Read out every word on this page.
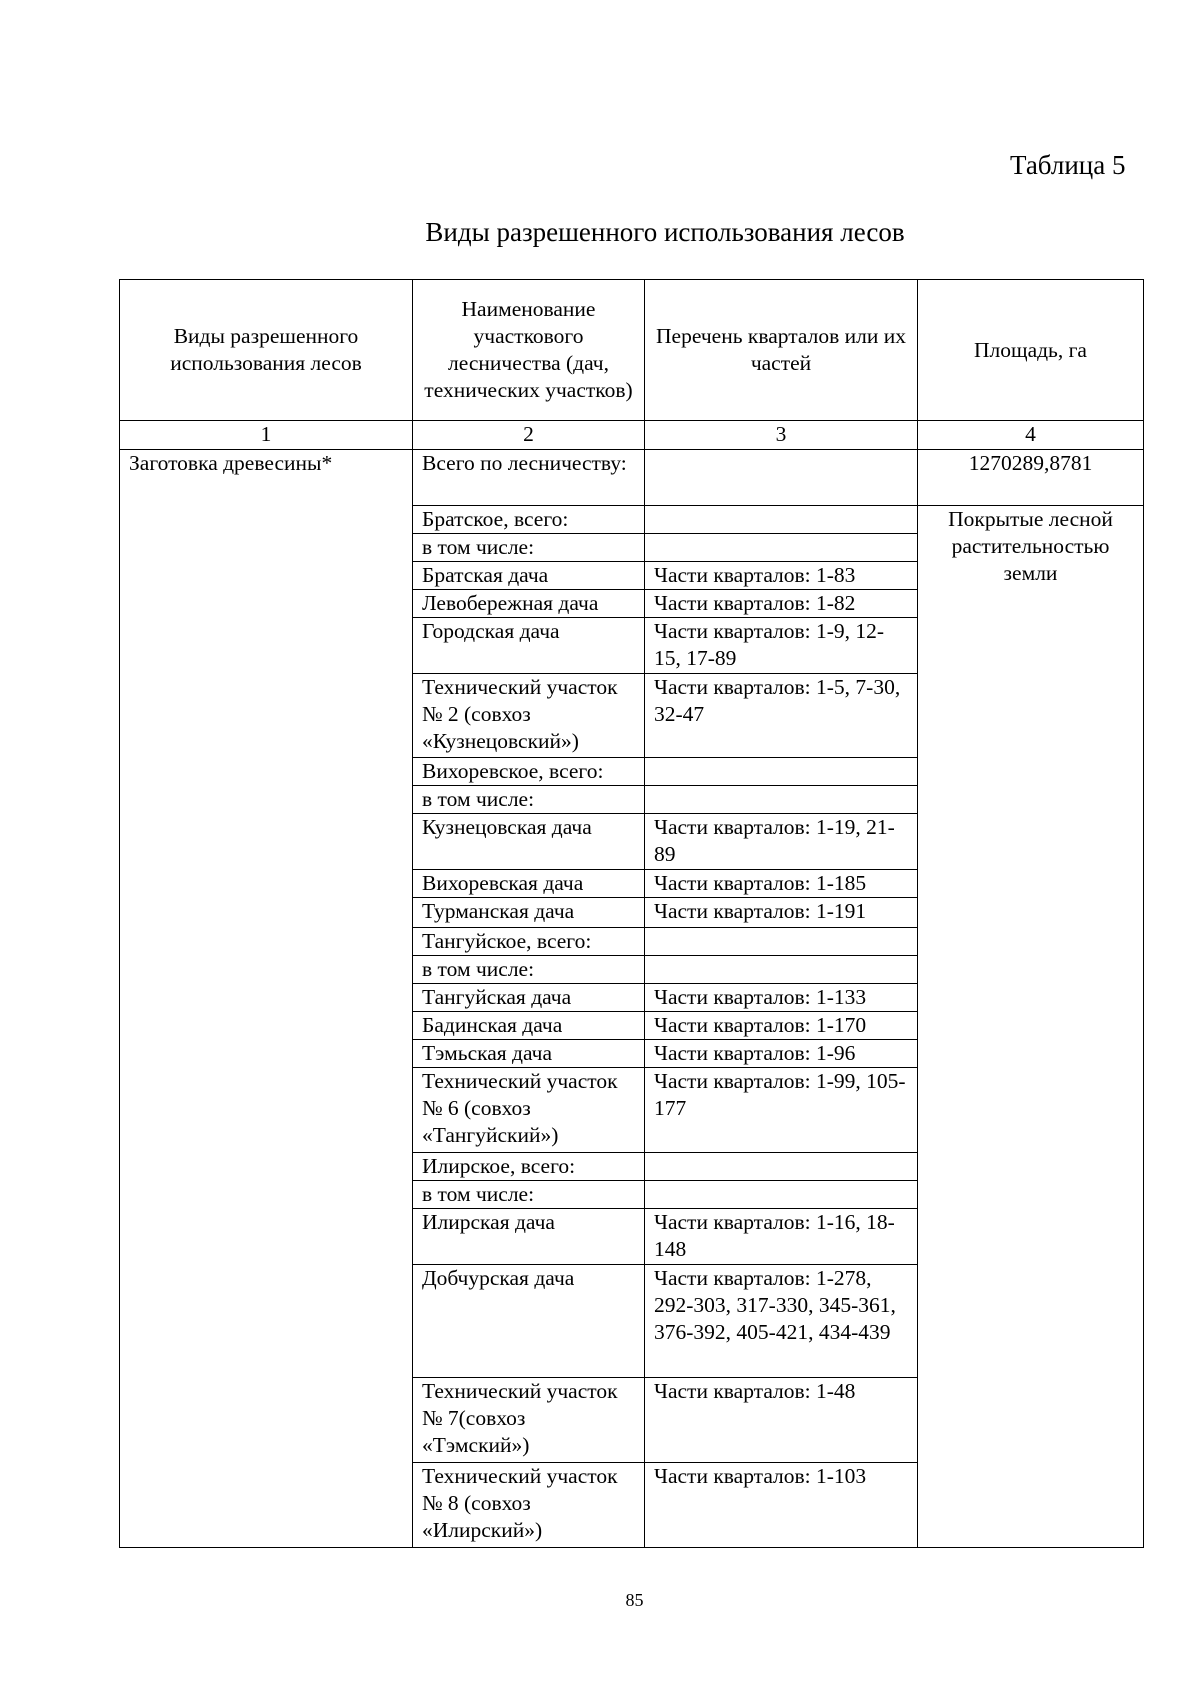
Таблица 5
Виды разрешенного использования лесов
Виды разрешенного использования лесов	Наименование участкового лесничества (дач, технических участков)	Перечень кварталов или их частей	Площадь, га
1	2	3	4
Заготовка древесины*	Всего по лесничеству:		1270289,8781
	Братское, всего:		Покрытые лесной растительностью земли
	в том числе:		
	Братская дача	Части кварталов: 1-83	
	Левобережная дача	Части кварталов: 1-82	
	Городская дача	Части кварталов: 1-9, 12-15, 17-89	
	Технический участок № 2 (совхоз «Кузнецовский»)	Части кварталов: 1-5, 7-30, 32-47	
	Вихоревское, всего:		
	в том числе:		
	Кузнецовская дача	Части кварталов: 1-19, 21-89	
	Вихоревская дача	Части кварталов: 1-185	
	Турманская дача	Части кварталов: 1-191	
	Тангуйское, всего:		
	в том числе:		
	Тангуйская дача	Части кварталов: 1-133	
	Бадинская дача	Части кварталов: 1-170	
	Тэмьская дача	Части кварталов: 1-96	
	Технический участок № 6 (совхоз «Тангуйский»)	Части кварталов: 1-99, 105-177	
	Илирское, всего:		
	в том числе:		
	Илирская дача	Части кварталов: 1-16, 18-148	
	Добчурская дача	Части кварталов: 1-278, 292-303, 317-330, 345-361, 376-392, 405-421, 434-439	
	Технический участок № 7(совхоз «Тэмский»)	Части кварталов: 1-48	
	Технический участок № 8 (совхоз «Илирский»)	Части кварталов: 1-103	
85
